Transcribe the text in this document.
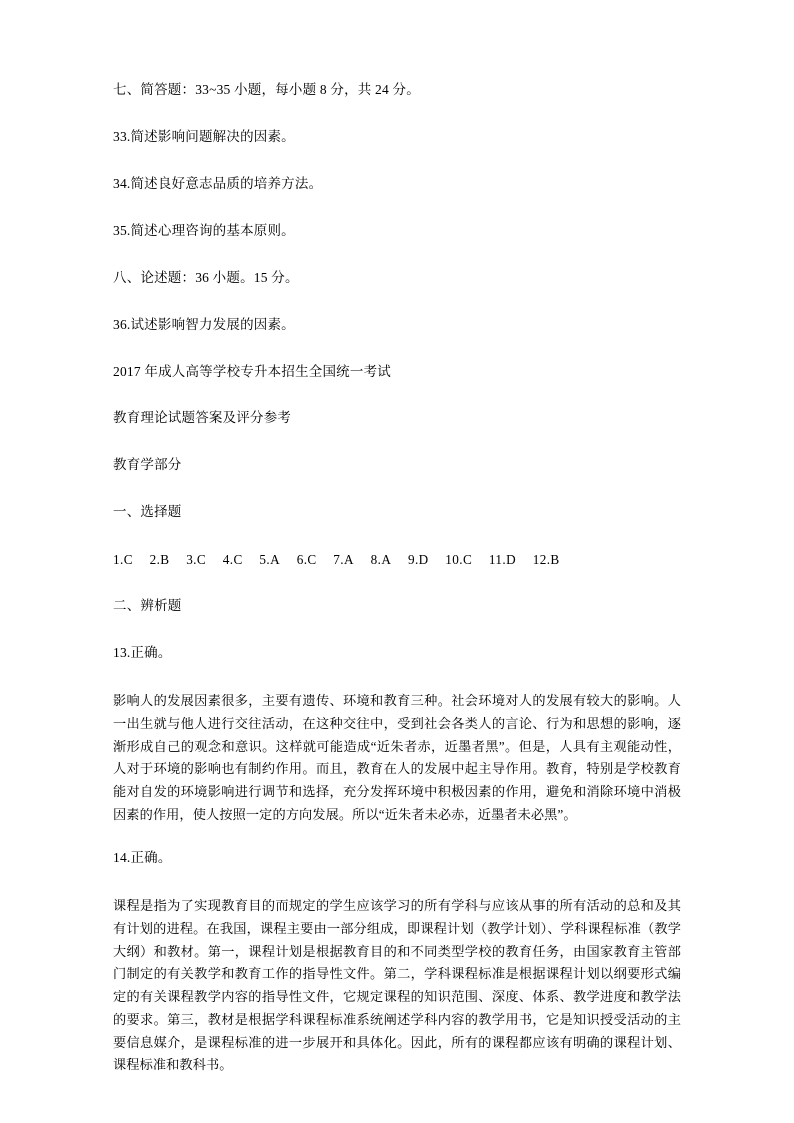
七、简答题：33~35 小题，每小题 8 分，共 24 分。

33.简述影响问题解决的因素。

34.简述良好意志品质的培养方法。

35.简述心理咨询的基本原则。

八、论述题：36 小题。15 分。

36.试述影响智力发展的因素。

2017 年成人高等学校专升本招生全国统一考试

教育理论试题答案及评分参考

教育学部分

一、选择题

1.C 2.B 3.C 4.C 5.A 6.C 7.A 8.A 9.D 10.C 11.D 12.B

二、辨析题

13.正确。

影响人的发展因素很多，主要有遗传、环境和教育三种。社会环境对人的发展有较大的影响。人一出生就与他人进行交往活动，在这种交往中，受到社会各类人的言论、行为和思想的影响，逐渐形成自己的观念和意识。这样就可能造成“近朱者赤，近墨者黑”。但是，人具有主观能动性，人对于环境的影响也有制约作用。而且，教育在人的发展中起主导作用。教育，特别是学校教育能对自发的环境影响进行调节和选择，充分发挥环境中积极因素的作用，避免和消除环境中消极因素的作用，使人按照一定的方向发展。所以“近朱者未必赤，近墨者未必黑”。

14.正确。

课程是指为了实现教育目的而规定的学生应该学习的所有学科与应该从事的所有活动的总和及其有计划的进程。在我国，课程主要由一部分组成，即课程计划（教学计划）、学科课程标准（教学大纲）和教材。第一，课程计划是根据教育目的和不同类型学校的教育任务，由国家教育主管部门制定的有关教学和教育工作的指导性文件。第二，学科课程标准是根据课程计划以纲要形式编定的有关课程教学内容的指导性文件，它规定课程的知识范围、深度、体系、教学进度和教学法的要求。第三，教材是根据学科课程标准系统阐述学科内容的教学用书，它是知识授受活动的主要信息媒介，是课程标准的进一步展开和具体化。因此，所有的课程都应该有明确的课程计划、课程标准和教科书。
